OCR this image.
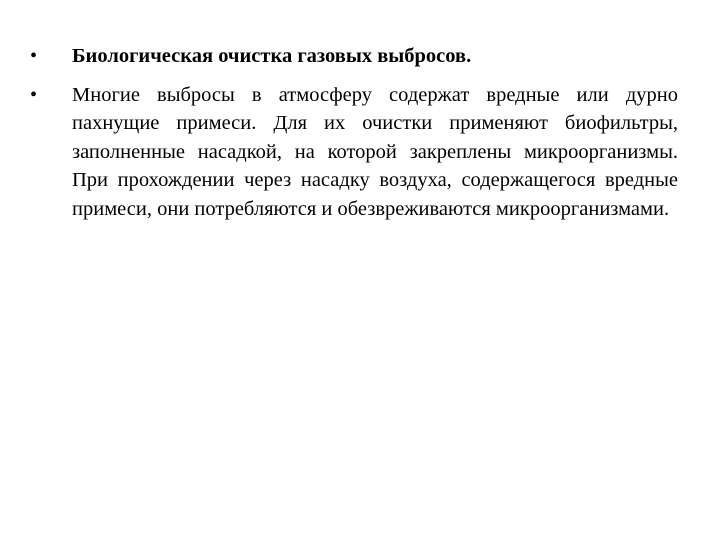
•	Биологическая очистка газовых выбросов.
•	Многие выбросы в атмосферу содержат вредные или дурно пахнущие примеси. Для их очистки применяют биофильтры, заполненные насадкой, на которой закреплены микроорганизмы. При прохождении через насадку воздуха, содержащегося вредные примеси, они потребляются и обезвреживаются микроорганизмами.
